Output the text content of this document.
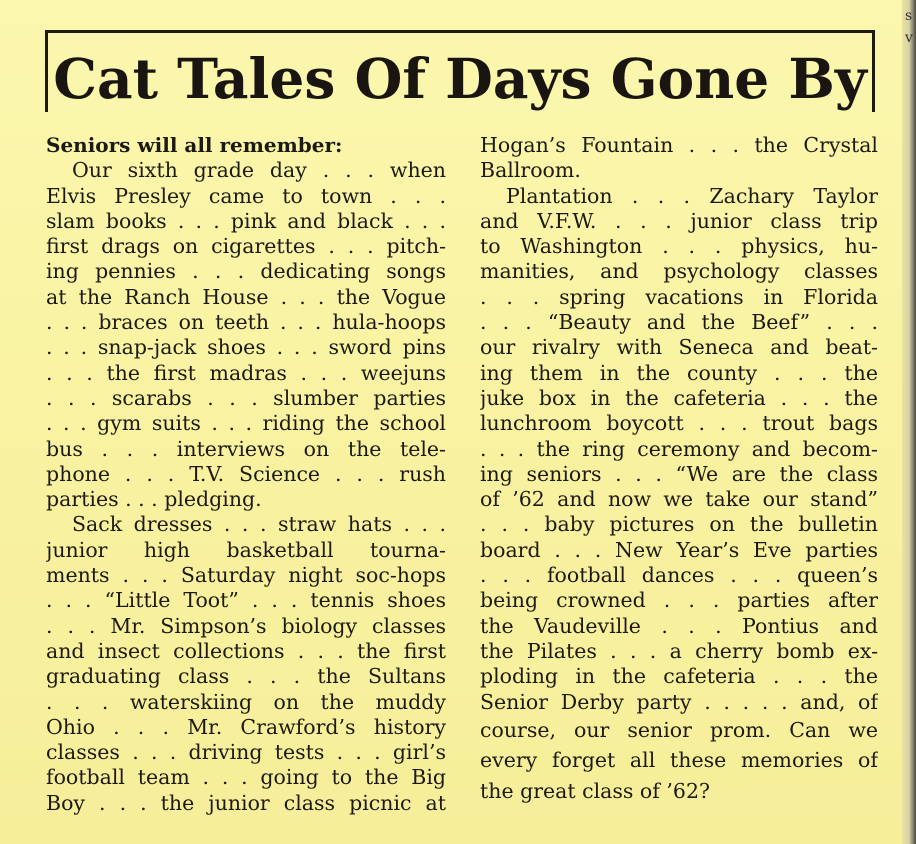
s
v
Cat Tales Of Days Gone By
Seniors will all remember:
Our sixth grade day . . . when
Elvis Presley came to town . . .
slam books . . . pink and black . . .
first drags on cigarettes . . . pitch-
ing pennies . . . dedicating songs
at the Ranch House . . . the Vogue
. . . braces on teeth . . . hula-hoops
. . . snap-jack shoes . . . sword pins
. . . the first madras . . . weejuns
. . . scarabs . . . slumber parties
. . . gym suits . . . riding the school
bus . . . interviews on the tele-
phone . . . T.V. Science . . . rush
parties . . . pledging.
Sack dresses . . . straw hats . . .
junior high basketball tourna-
ments . . . Saturday night soc-hops
. . . “Little Toot” . . . tennis shoes
. . . Mr. Simpson’s biology classes
and insect collections . . . the first
graduating class . . . the Sultans
. . . waterskiing on the muddy
Ohio . . . Mr. Crawford’s history
classes . . . driving tests . . . girl’s
football team . . . going to the Big
Boy . . . the junior class picnic at
Hogan’s Fountain . . . the Crystal
Ballroom.
Plantation . . . Zachary Taylor
and V.F.W. . . . junior class trip
to Washington . . . physics, hu-
manities, and psychology classes
. . . spring vacations in Florida
. . . “Beauty and the Beef” . . .
our rivalry with Seneca and beat-
ing them in the county . . . the
juke box in the cafeteria . . . the
lunchroom boycott . . . trout bags
. . . the ring ceremony and becom-
ing seniors . . . “We are the class
of ’62 and now we take our stand”
. . . baby pictures on the bulletin
board . . . New Year’s Eve parties
. . . football dances . . . queen’s
being crowned . . . parties after
the Vaudeville . . . Pontius and
the Pilates . . . a cherry bomb ex-
ploding in the cafeteria . . . the
Senior Derby party . . . . . and, of
course, our senior prom. Can we
every forget all these memories of
the great class of ’62?
